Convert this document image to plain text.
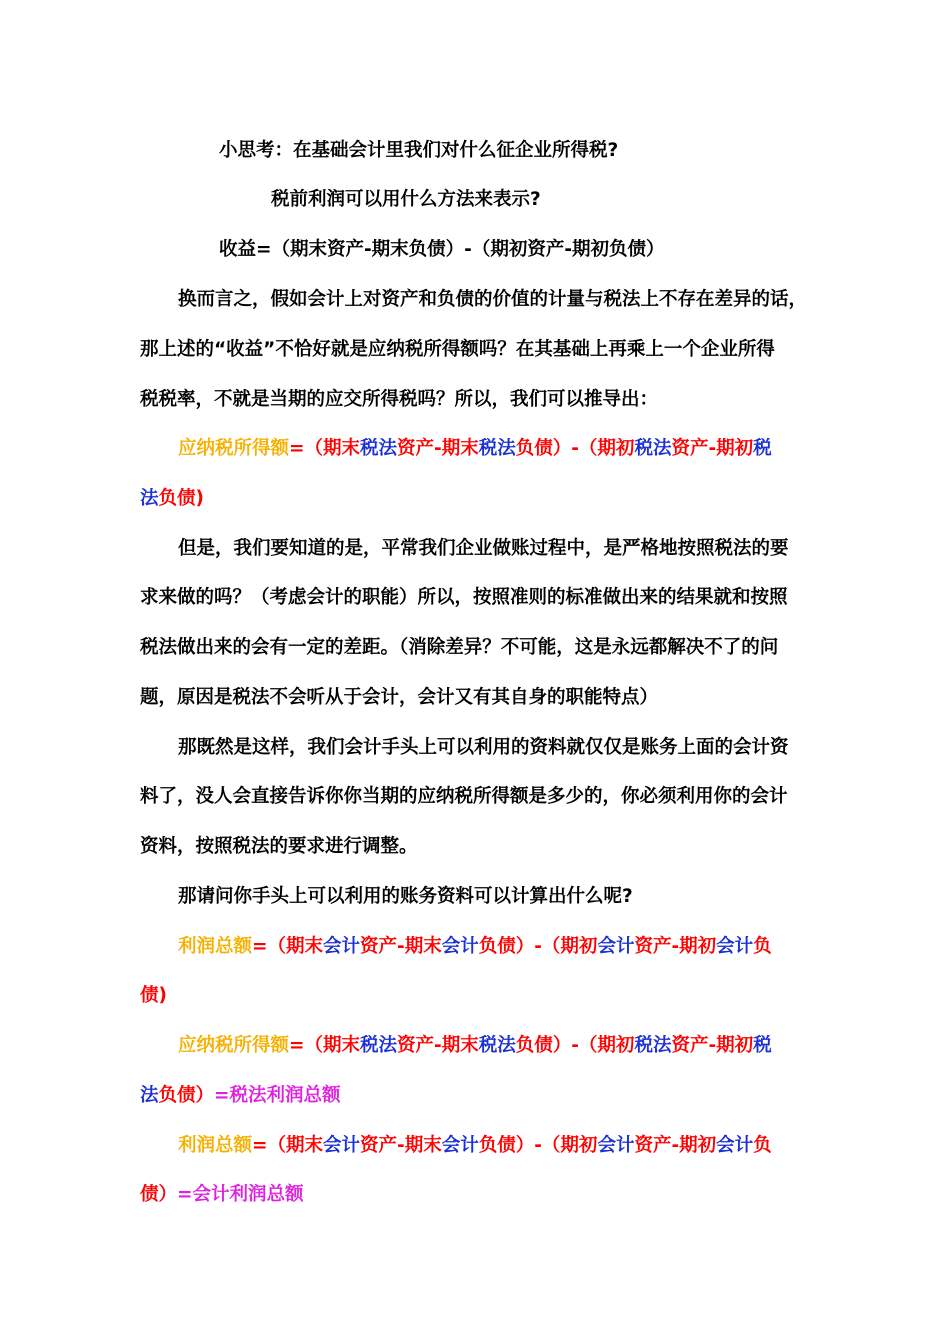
小思考：在基础会计里我们对什么征企业所得税?
税前利润可以用什么方法来表示?
收益=（期末资产-期末负债）-（期初资产-期初负债）
换而言之，假如会计上对资产和负债的价值的计量与税法上不存在差异的话，
那上述的“收益”不恰好就是应纳税所得额吗？在其基础上再乘上一个企业所得
税税率，不就是当期的应交所得税吗？所以，我们可以推导出：
应纳税所得额=（期末税法资产-期末税法负债）-（期初税法资产-期初税
法负债)
但是，我们要知道的是，平常我们企业做账过程中，是严格地按照税法的要
求来做的吗？（考虑会计的职能）所以，按照准则的标准做出来的结果就和按照
税法做出来的会有一定的差距。（消除差异？不可能，这是永远都解决不了的问
题，原因是税法不会听从于会计，会计又有其自身的职能特点）
那既然是这样，我们会计手头上可以利用的资料就仅仅是账务上面的会计资
料了，没人会直接告诉你你当期的应纳税所得额是多少的，你必须利用你的会计
资料，按照税法的要求进行调整。
那请问你手头上可以利用的账务资料可以计算出什么呢?
利润总额=（期末会计资产-期末会计负债）-（期初会计资产-期初会计负
债)
应纳税所得额=（期末税法资产-期末税法负债）-（期初税法资产-期初税
法负债）=税法利润总额
利润总额=（期末会计资产-期末会计负债）-（期初会计资产-期初会计负
债）=会计利润总额
